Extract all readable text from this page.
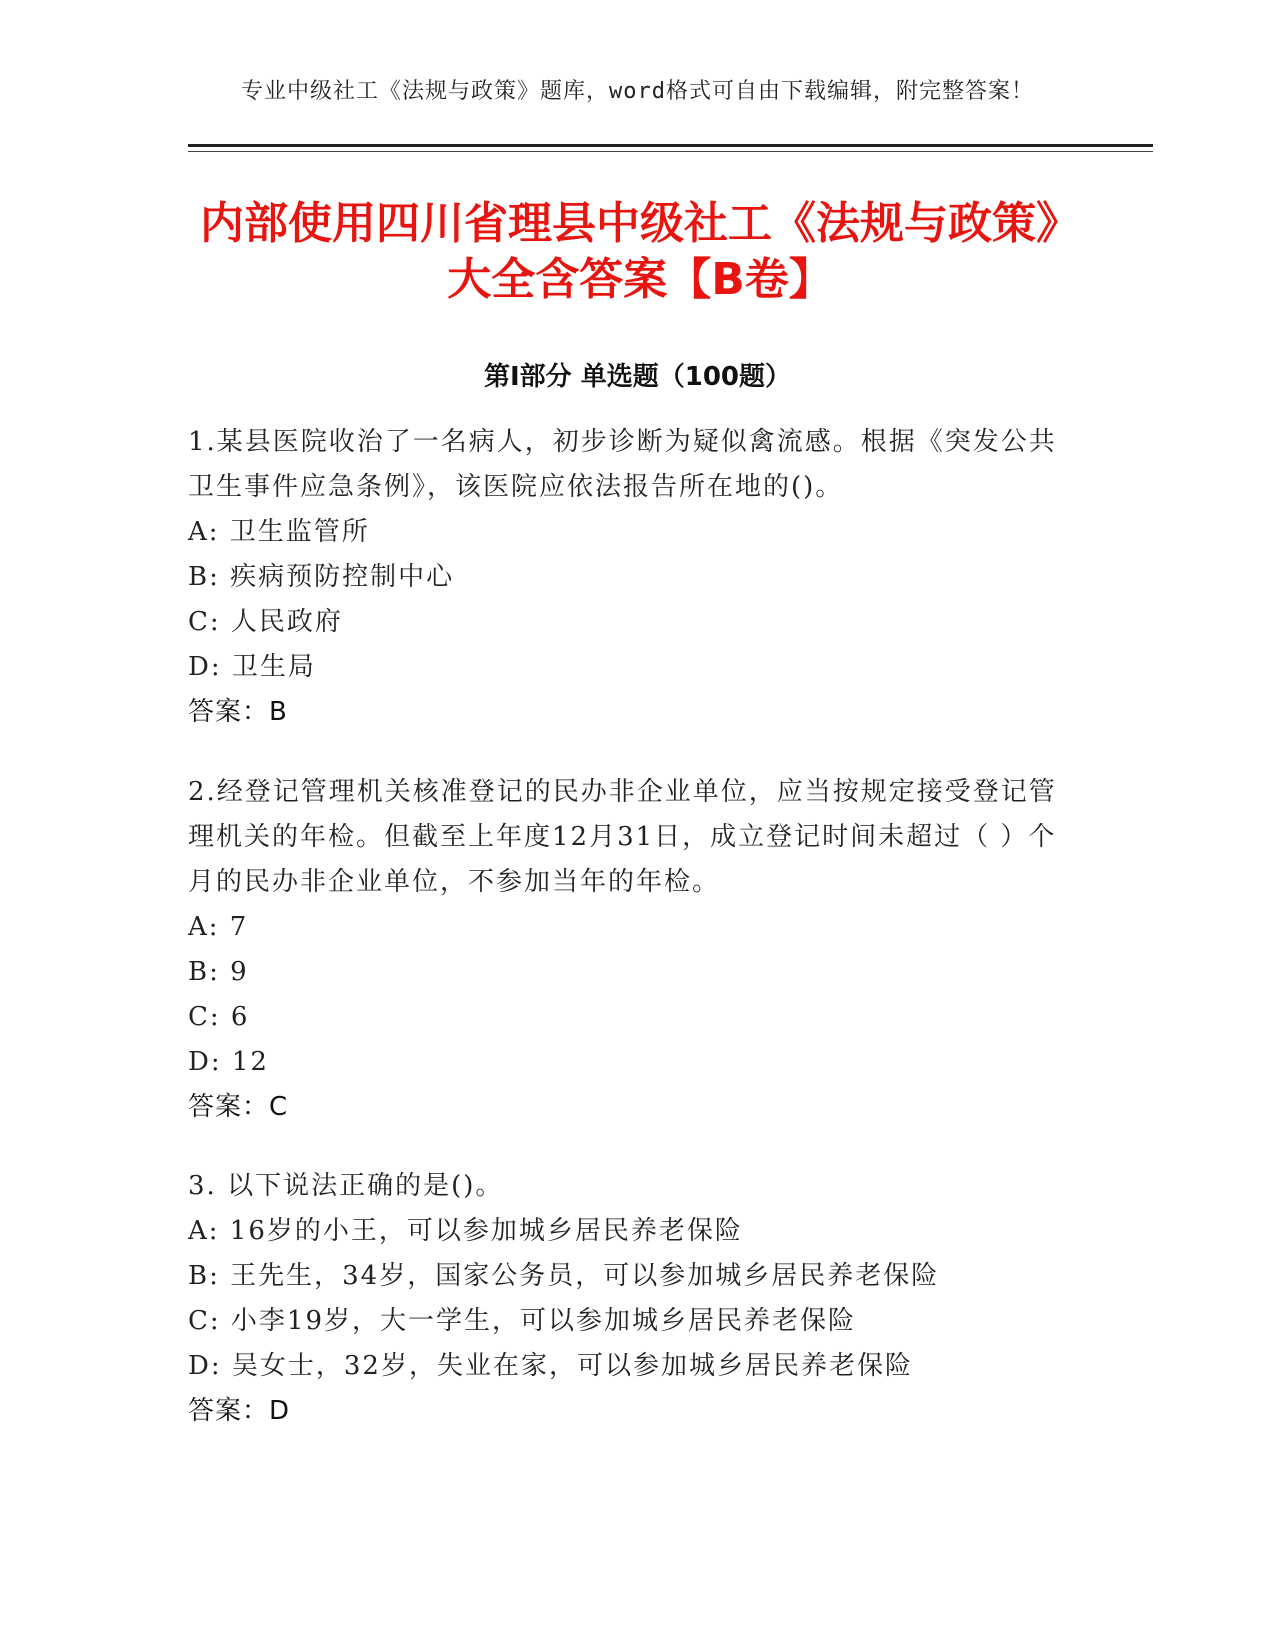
专业中级社工《法规与政策》题库，word格式可自由下载编辑，附完整答案！
内部使用四川省理县中级社工《法规与政策》大全含答案【B卷】
第I部分 单选题（100题）
1.某县医院收治了一名病人，初步诊断为疑似禽流感。根据《突发公共卫生事件应急条例》，该医院应依法报告所在地的()。
A: 卫生监管所
B: 疾病预防控制中心
C: 人民政府
D: 卫生局
答案：B
2.经登记管理机关核准登记的民办非企业单位，应当按规定接受登记管理机关的年检。但截至上年度12月31日，成立登记时间未超过（ ）个月的民办非企业单位，不参加当年的年检。
A: 7
B: 9
C: 6
D: 12
答案：C
3. 以下说法正确的是()。
A: 16岁的小王，可以参加城乡居民养老保险
B: 王先生，34岁，国家公务员，可以参加城乡居民养老保险
C: 小李19岁，大一学生，可以参加城乡居民养老保险
D: 吴女士，32岁，失业在家，可以参加城乡居民养老保险
答案：D
